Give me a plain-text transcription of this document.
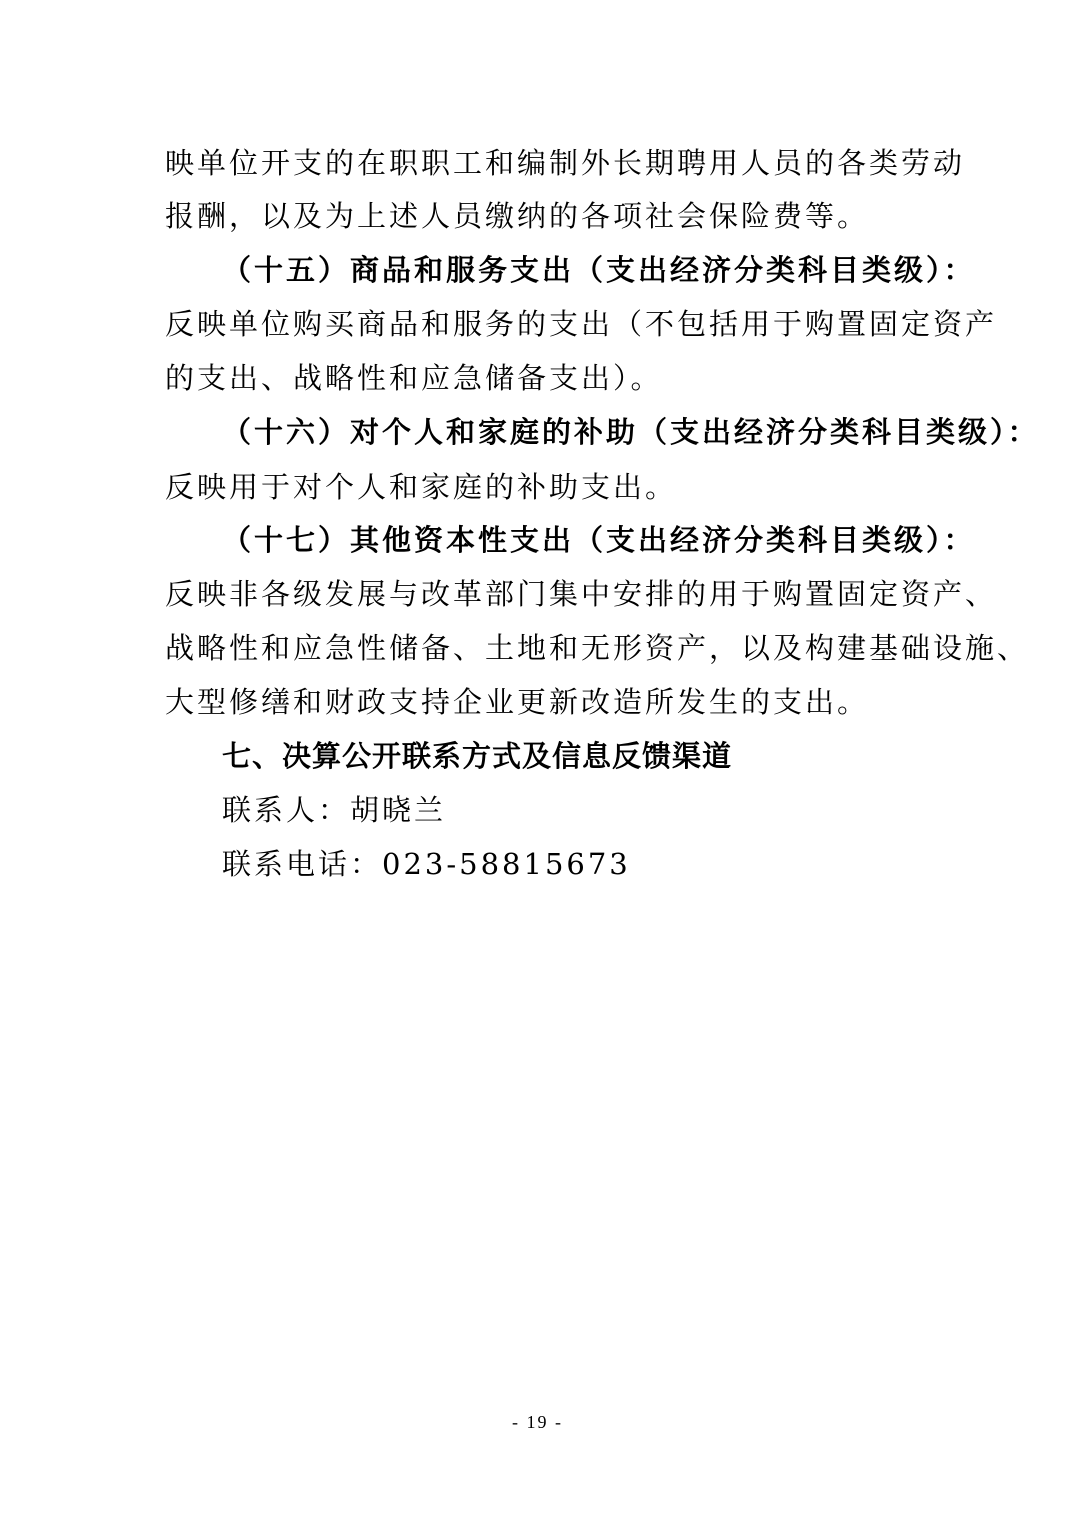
映单位开支的在职职工和编制外长期聘用人员的各类劳动
报酬，以及为上述人员缴纳的各项社会保险费等。
（十五）商品和服务支出（支出经济分类科目类级）：
反映单位购买商品和服务的支出（不包括用于购置固定资产
的支出、战略性和应急储备支出）。
（十六）对个人和家庭的补助（支出经济分类科目类级）：
反映用于对个人和家庭的补助支出。
（十七）其他资本性支出（支出经济分类科目类级）：
反映非各级发展与改革部门集中安排的用于购置固定资产、
战略性和应急性储备、土地和无形资产，以及构建基础设施、
大型修缮和财政支持企业更新改造所发生的支出。
七、决算公开联系方式及信息反馈渠道
联系人：胡晓兰
联系电话：023-58815673
- 19 -
